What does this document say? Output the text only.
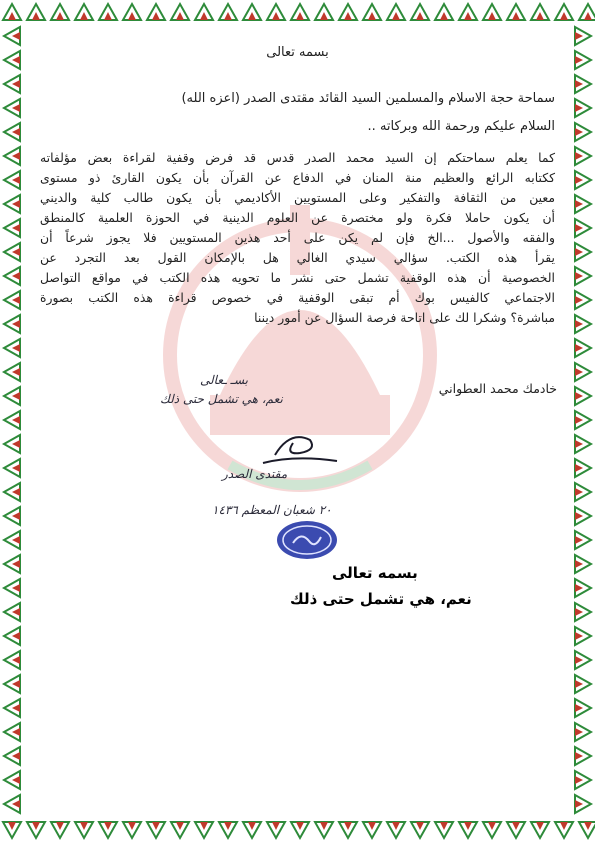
بسمه تعالى
سماحة حجة الاسلام والمسلمين السيد القائد مقتدى الصدر (اعزه الله)
السلام عليكم ورحمة الله وبركاته ..
كما يعلم سماحتكم إن السيد محمد الصدر قدس قد فرض وقفية لقراءة بعض مؤلفاته
ككتابه الرائع والعظيم منة المنان في الدفاع عن القرآن بأن يكون القارئ ذو مستوى
معين من الثقافة والتفكير وعلى المستويين الأكاديمي بأن يكون طالب كلية والديني
أن يكون حاملا فكرة ولو مختصرة عن العلوم الدينية في الحوزة العلمية كالمنطق
والفقه والأصول ...الخ فإن لم يكن على أحد هذين المستويين فلا يجوز شرعاً أن
يقرأ هذه الكتب. سؤالي سيدي الغالي هل بالإمكان القول بعد التجرد عن
الخصوصية أن هذه الوقفية تشمل حتى نشر ما تحويه هذه الكتب في مواقع التواصل
الاجتماعي كالفيس بوك أم تبقى الوقفية في خصوص قراءة هذه الكتب بصورة
مباشرة؟ وشكرا لك على اتاحة فرصة السؤال عن أمور ديننا
خادمك محمد العطواني
بسـ ـعالى
نعم، هي تشمل حتى ذلك
مقتدى الصدر
٢٠ شعبان المعظم ١٤٣٦
بسمه تعالى
نعم، هي تشمل حتى ذلك
